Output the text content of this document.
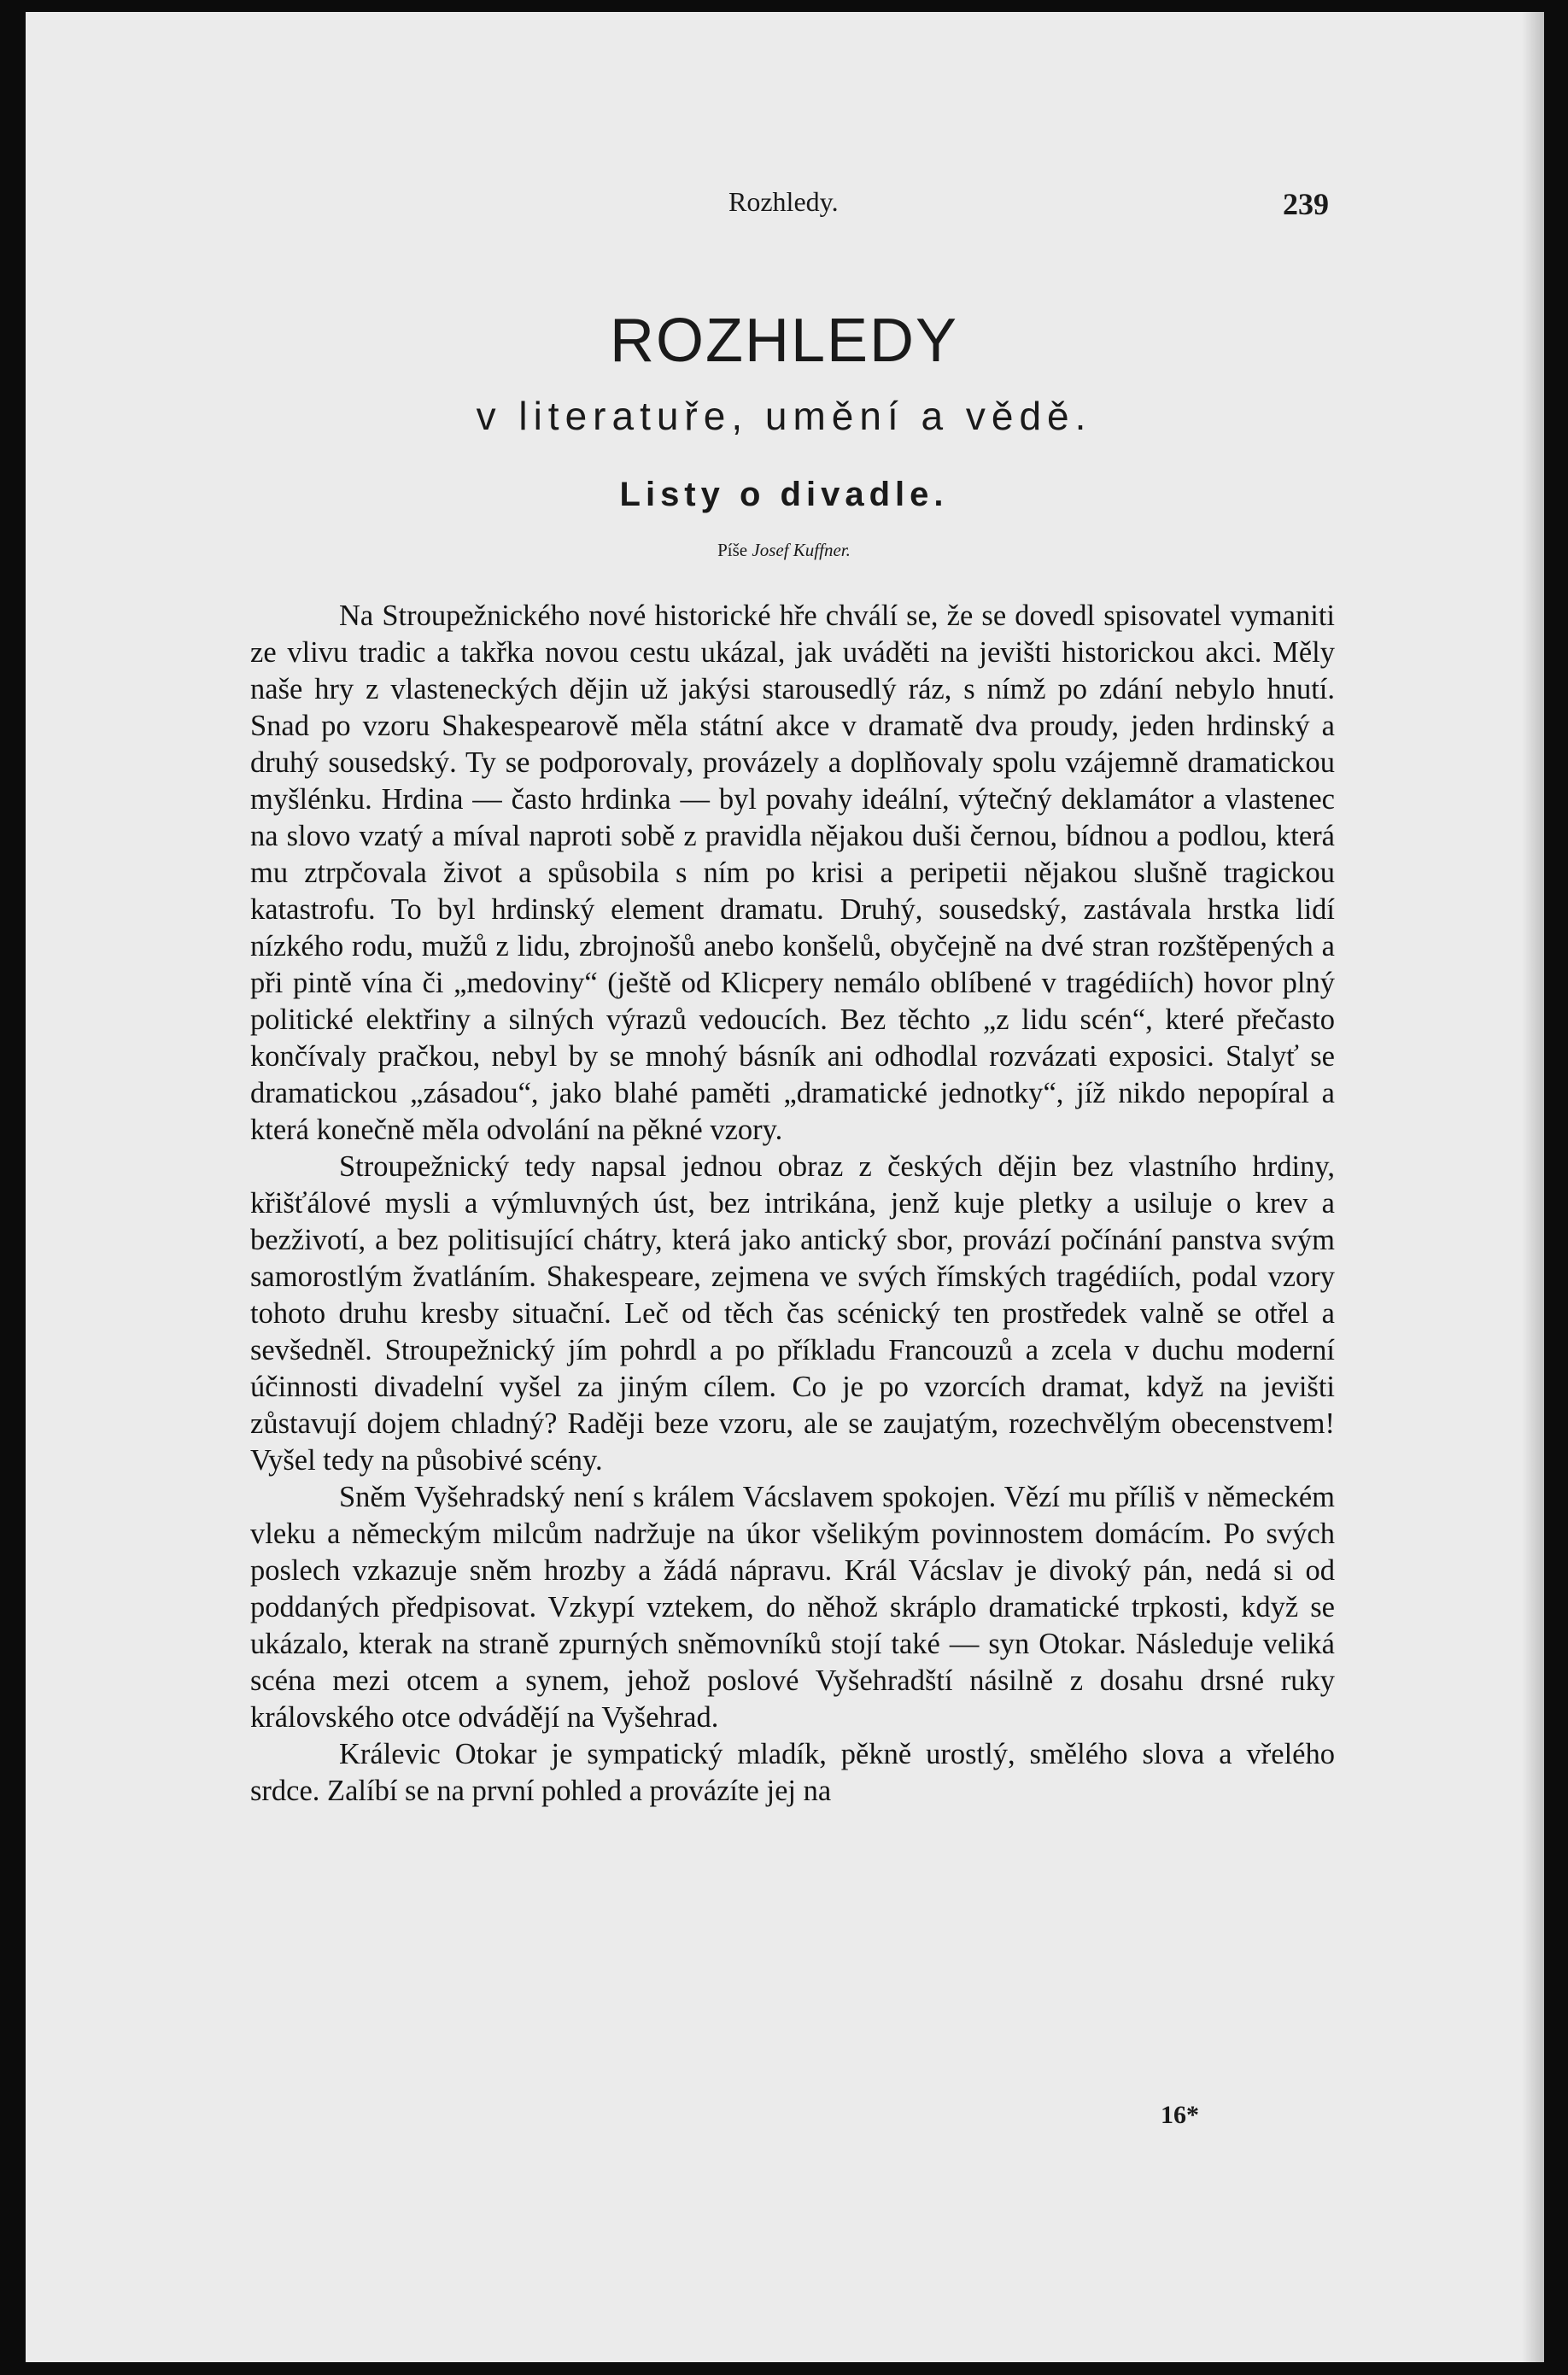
Rozhledy.	239
ROZHLEDY
v literatuře, umění a vědě.
Listy o divadle.
Píše Josef Kuffner.

Na Stroupežnického nové historické hře chválí se, že se dovedl spisovatel vymaniti ze vlivu tradic a takřka novou cestu ukázal, jak uváděti na jevišti historickou akci. Měly naše hry z vlasteneckých dějin už jakýsi starousedlý ráz, s nímž po zdání nebylo hnutí. Snad po vzoru Shakespearově měla státní akce v dramatě dva proudy, jeden hrdinský a druhý sousedský. Ty se podporovaly, provázely a doplňovaly spolu vzájemně dramatickou myšlénku. Hrdina — často hrdinka — byl povahy ideální, výtečný deklamátor a vlastenec na slovo vzatý a míval naproti sobě z pravidla nějakou duši černou, bídnou a podlou, která mu ztrpčovala život a spůsobila s ním po krisi a peripetii nějakou slušně tragickou katastrofu. To byl hrdinský element dramatu. Druhý, sousedský, zastávala hrstka lidí nízkého rodu, mužů z lidu, zbrojnošů anebo konšelů, obyčejně na dvé stran rozštěpených a při pintě vína či „medoviny“ (ještě od Klicpery nemálo oblíbené v tragédiích) hovor plný politické elektřiny a silných výrazů vedoucích. Bez těchto „z lidu scén“, které přečasto končívaly pračkou, nebyl by se mnohý básník ani odhodlal rozvázati exposici. Stalyť se dramatickou „zásadou“, jako blahé paměti „dramatické jednotky“, jíž nikdo nepopíral a která konečně měla odvolání na pěkné vzory.

Stroupežnický tedy napsal jednou obraz z českých dějin bez vlastního hrdiny, křišťálové mysli a výmluvných úst, bez intrikána, jenž kuje pletky a usiluje o krev a bezživotí, a bez politisující chátry, která jako antický sbor, provází počínání panstva svým samorostlým žvatláním. Shakespeare, zejmena ve svých římských tragédiích, podal vzory tohoto druhu kresby situační. Leč od těch čas scénický ten prostředek valně se otřel a sevšedněl. Stroupežnický jím pohrdl a po příkladu Francouzů a zcela v duchu moderní účinnosti divadelní vyšel za jiným cílem. Co je po vzorcích dramat, když na jevišti zůstavují dojem chladný? Raději beze vzoru, ale se zaujatým, rozechvělým obecenstvem! Vyšel tedy na působivé scény.

Sněm Vyšehradský není s králem Vácslavem spokojen. Vězí mu příliš v německém vleku a německým milcům nadržuje na úkor všelikým povinnostem domácím. Po svých poslech vzkazuje sněm hrozby a žádá nápravu. Král Vácslav je divoký pán, nedá si od poddaných předpisovat. Vzkypí vztekem, do něhož skráplo dramatické trpkosti, když se ukázalo, kterak na straně zpurných sněmovníků stojí také — syn Otokar. Následuje veliká scéna mezi otcem a synem, jehož poslové Vyšehradští násilně z dosahu drsné ruky královského otce odvádějí na Vyšehrad.

Králevic Otokar je sympatický mladík, pěkně urostlý, smělého slova a vřelého srdce. Zalíbí se na první pohled a provázíte jej na

16*
